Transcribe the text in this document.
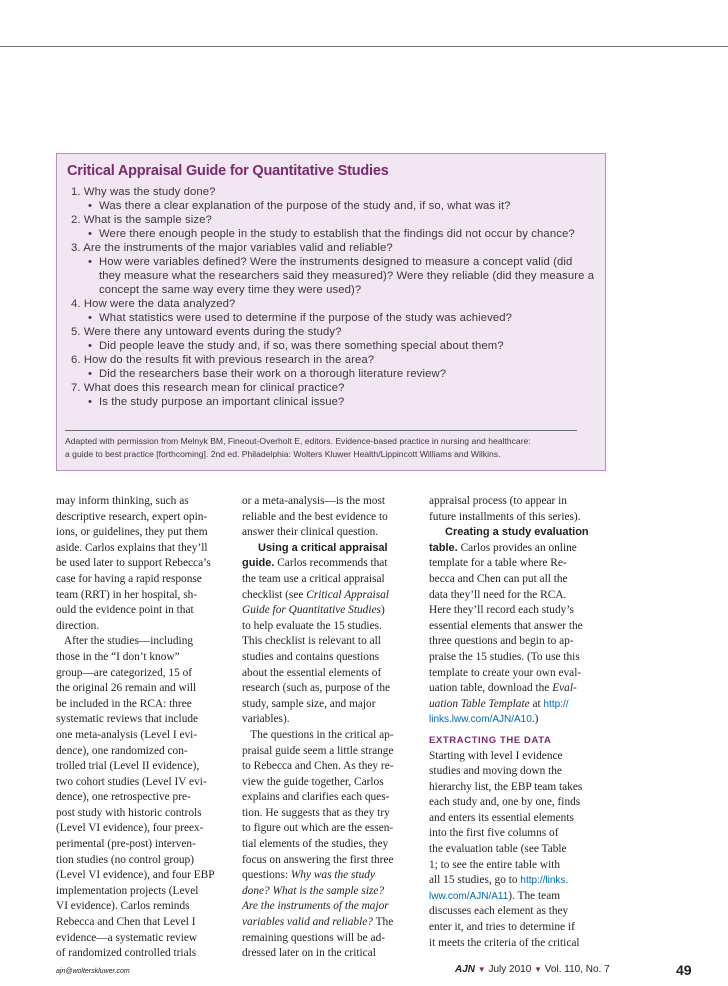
Critical Appraisal Guide for Quantitative Studies
1. Why was the study done?
• Was there a clear explanation of the purpose of the study and, if so, what was it?
2. What is the sample size?
• Were there enough people in the study to establish that the findings did not occur by chance?
3. Are the instruments of the major variables valid and reliable?
• How were variables defined? Were the instruments designed to measure a concept valid (did
they measure what the researchers said they measured)? Were they reliable (did they measure a
concept the same way every time they were used)?
4. How were the data analyzed?
• What statistics were used to determine if the purpose of the study was achieved?
5. Were there any untoward events during the study?
• Did people leave the study and, if so, was there something special about them?
6. How do the results fit with previous research in the area?
• Did the researchers base their work on a thorough literature review?
7. What does this research mean for clinical practice?
• Is the study purpose an important clinical issue?
Adapted with permission from Melnyk BM, Fineout-Overholt E, editors. Evidence-based practice in nursing and healthcare:
a guide to best practice [forthcoming]. 2nd ed. Philadelphia: Wolters Kluwer Health/Lippincott Williams and Wilkins.

may inform thinking, such as

descriptive research, expert opin-

ions, or guidelines, they put them

aside. Carlos explains that they’ll

be used later to support Rebecca’s

case for having a rapid response

team (RRT) in her hospital, sh-

ould the evidence point in that

direction.

After the studies—including

those in the “I don’t know”

group—are categorized, 15 of

the original 26 remain and will

be included in the RCA: three

systematic reviews that include

one meta-analysis (Level I evi-

dence), one randomized con-

trolled trial (Level II evidence),

two cohort studies (Level IV evi-

dence), one retrospective pre-

post study with historic controls

(Level VI evidence), four preex-

perimental (pre-post) interven-

tion studies (no control group)

(Level VI evidence), and four EBP

implementation projects (Level

VI evidence). Carlos reminds

Rebecca and Chen that Level I

evidence—a systematic review

of randomized controlled trials

or a meta-analysis—is the most

reliable and the best evidence to

answer their clinical question.

Using a critical appraisal

guide. Carlos recommends that

the team use a critical appraisal

checklist (see Critical Appraisal

Guide for Quantitative Studies)

to help evaluate the 15 studies.

This checklist is relevant to all

studies and contains questions

about the essential elements of

research (such as, purpose of the

study, sample size, and major

variables).

The questions in the critical ap-

praisal guide seem a little strange

to Rebecca and Chen. As they re-

view the guide together, Carlos

explains and clarifies each ques-

tion. He suggests that as they try

to figure out which are the essen-

tial elements of the studies, they

focus on answering the first three

questions: Why was the study

done? What is the sample size?

Are the instruments of the major

variables valid and reliable? The

remaining questions will be ad-

dressed later on in the critical

appraisal process (to appear in

future installments of this series).

Creating a study evaluation

table. Carlos provides an online

template for a table where Re-

becca and Chen can put all the

data they’ll need for the RCA.

Here they’ll record each study’s

essential elements that answer the

three questions and begin to ap-

praise the 15 studies. (To use this

template to create your own eval-

uation table, download the Eval-

uation Table Template at http://

links.lww.com/AJN/A10.)

EXTRACTING THE DATA

Starting with level I evidence

studies and moving down the

hierarchy list, the EBP team takes

each study and, one by one, finds

and enters its essential elements

into the first five columns of

the evaluation table (see Table

1; to see the entire table with

all 15 studies, go to http://links.

lww.com/AJN/A11). The team

discusses each element as they

enter it, and tries to determine if

it meets the criteria of the critical

ajn@wolterskluwer.com	AJN ▼ July 2010 ▼ Vol. 110, No. 7	49
